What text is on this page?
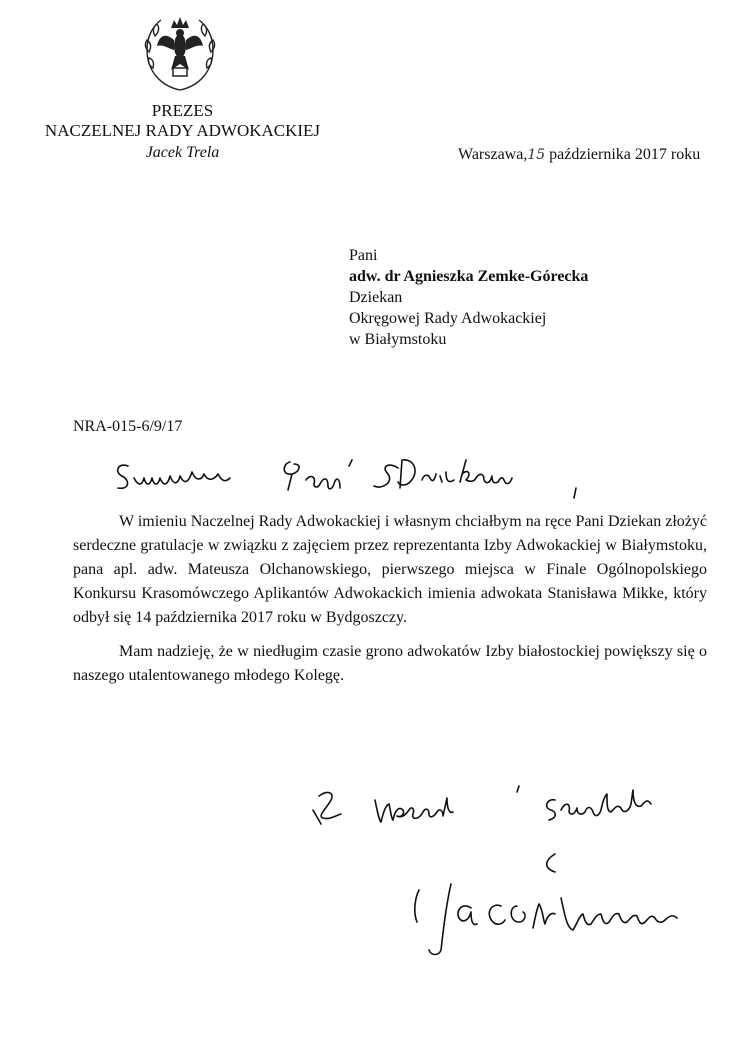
PREZES
NACZELNEJ RADY ADWOKACKIEJ
Jacek Trela	Warszawa,15 października 2017 roku
Pani
adw. dr Agnieszka Zemke-Górecka
Dziekan
Okręgowej Rady Adwokackiej
w Białymstoku
NRA-015-6/9/17

W imieniu Naczelnej Rady Adwokackiej i własnym chciałbym na ręce Pani Dziekan złożyć serdeczne gratulacje w związku z zajęciem przez reprezentanta Izby Adwokackiej w Białymstoku, pana apl. adw. Mateusza Olchanowskiego, pierwszego miejsca w Finale Ogólnopolskiego Konkursu Krasomówczego Aplikantów Adwokackich imienia adwokata Stanisława Mikke, który odbył się 14 października 2017 roku w Bydgoszczy.

Mam nadzieję, że w niedługim czasie grono adwokatów Izby białostockiej powiększy się o naszego utalentowanego młodego Kolegę.
